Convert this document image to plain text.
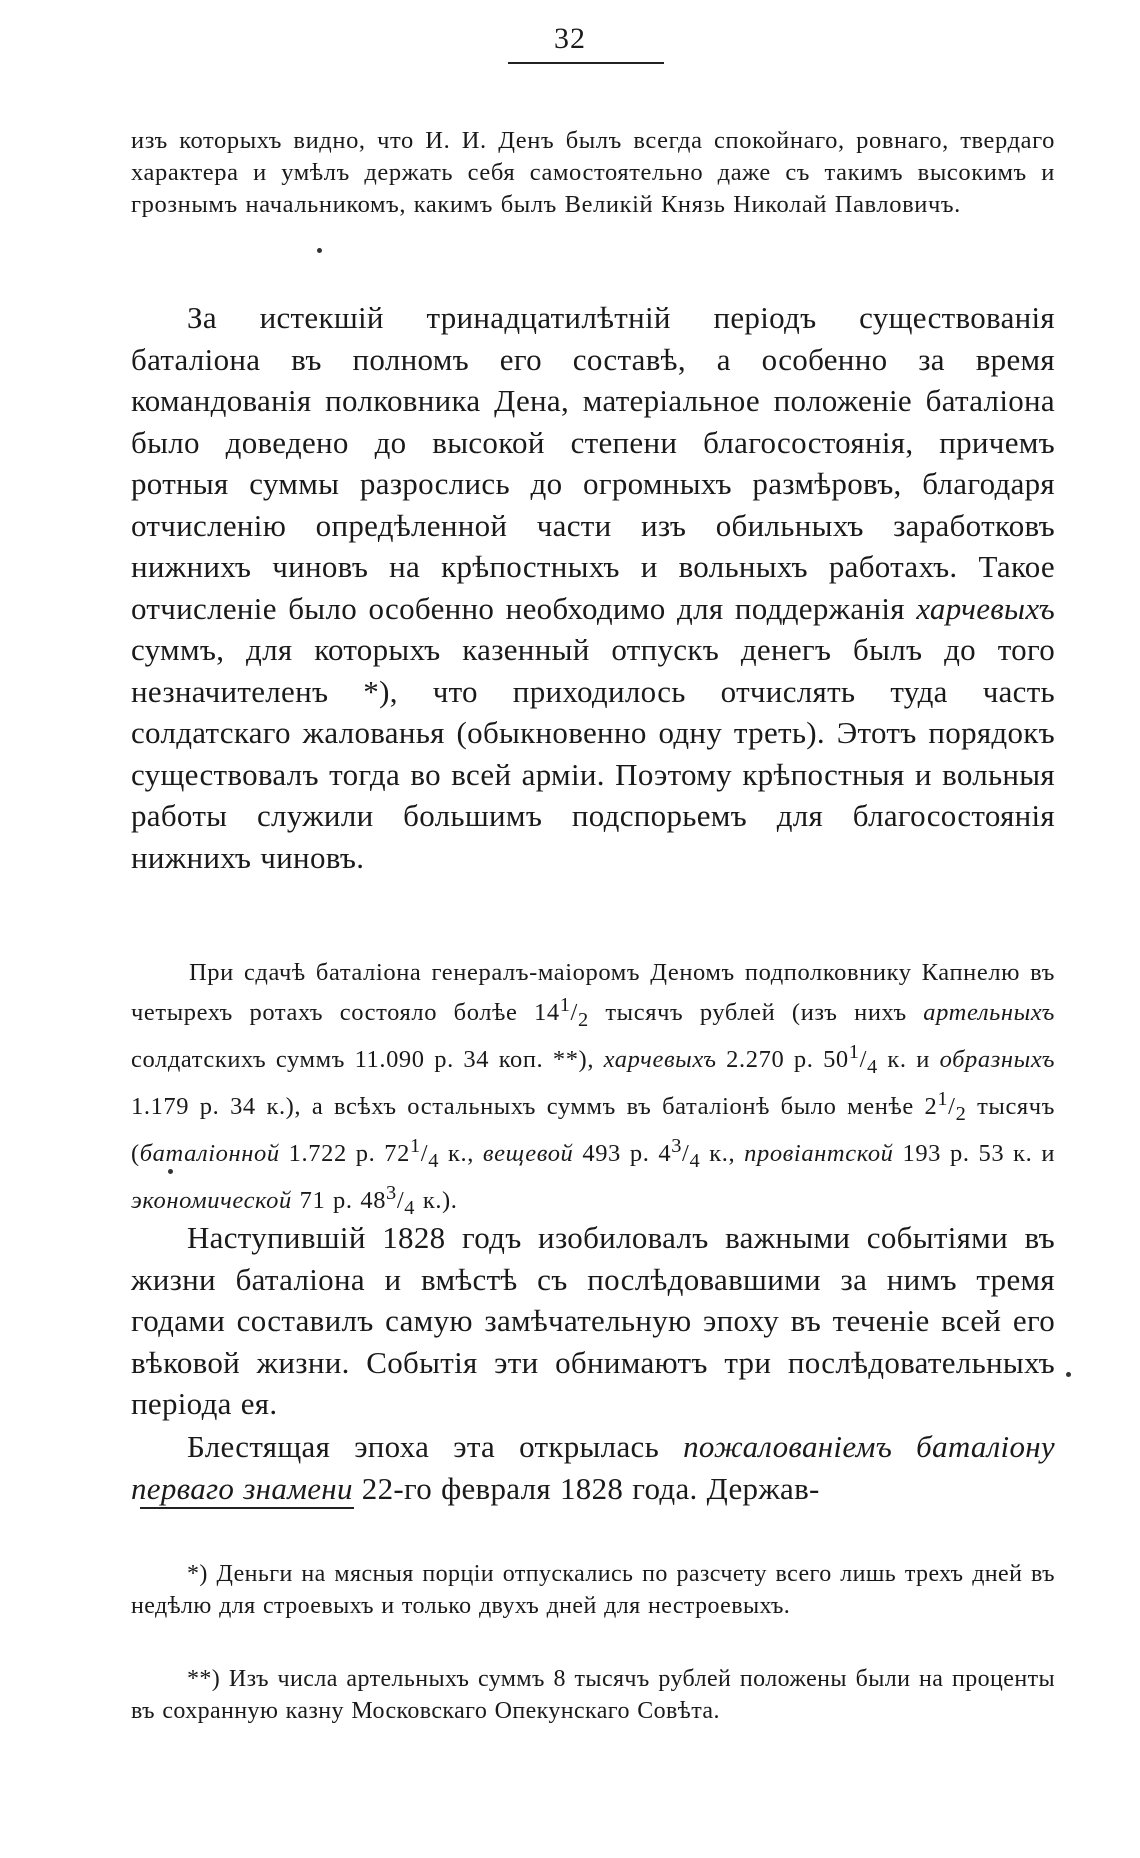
32

изъ которыхъ видно, что И. И. Денъ былъ всегда спокойнаго, ровнаго, твердаго характера и умѣлъ держать себя самостоятельно даже съ такимъ высокимъ и грознымъ начальникомъ, какимъ былъ Великій Князь Николай Павловичъ.

За истекшій тринадцатилѣтній періодъ существованія баталіона въ полномъ его составѣ, а особенно за время командованія полковника Дена, матеріальное положеніе баталіона было доведено до высокой степени благосостоянія, причемъ ротныя суммы разрослись до огромныхъ размѣровъ, благодаря отчисленію опредѣленной части изъ обильныхъ заработковъ нижнихъ чиновъ на крѣпостныхъ и вольныхъ работахъ. Такое отчисленіе было особенно необходимо для поддержанія харчевыхъ суммъ, для которыхъ казенный отпускъ денегъ былъ до того незначителенъ *), что приходилось отчислять туда часть солдатскаго жалованья (обыкновенно одну треть). Этотъ порядокъ существовалъ тогда во всей арміи. Поэтому крѣпостныя и вольныя работы служили большимъ подспорьемъ для благосостоянія нижнихъ чиновъ.

При сдачѣ баталіона генералъ-маіоромъ Деномъ подполковнику Капнелю въ четырехъ ротахъ состояло болѣе $14^1/_2$ тысячъ рублей (изъ нихъ артельныхъ солдатскихъ суммъ 11.090 р. 34 коп. **), харчевыхъ 2.270 р. $50^1/_4$ к. и образныхъ 1.179 р. 34 к.), а всѣхъ остальныхъ суммъ въ баталіонѣ было менѣе $2^1/_2$ тысячъ (баталіонной 1.722 р. $72^1/_4$ к., вещевой 493 р. $4^3/_4$ к., провіантской 193 р. 53 к. и экономической 71 р. $48^3/_4$ к.).

Наступившій 1828 годъ изобиловалъ важными событіями въ жизни баталіона и вмѣстѣ съ послѣдовавшими за нимъ тремя годами составилъ самую замѣчательную эпоху въ теченіе всей его вѣковой жизни. Событія эти обнимаютъ три послѣдовательныхъ періода ея.

Блестящая эпоха эта открылась пожалованіемъ баталіону перваго знамени 22-го февраля 1828 года. Держав-

*) Деньги на мясныя порціи отпускались по разсчету всего лишь трехъ дней въ недѣлю для строевыхъ и только двухъ дней для нестроевыхъ.

**) Изъ числа артельныхъ суммъ 8 тысячъ рублей положены были на проценты въ сохранную казну Московскаго Опекунскаго Совѣта.
